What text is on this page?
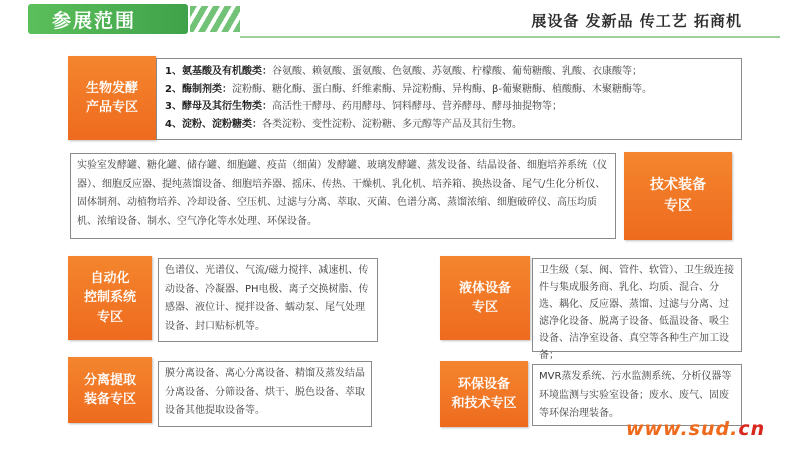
参展范围	展设备 发新品 传工艺 拓商机
生物发酵
产品专区
1、氨基酸及有机酸类：谷氨酸、赖氨酸、蛋氨酸、色氨酸、苏氨酸、柠檬酸、葡萄糖酸、乳酸、衣康酸等；
2、酶制剂类：淀粉酶、糖化酶、蛋白酶、纤维素酶、异淀粉酶、异构酶、β-葡聚糖酶、植酸酶、木聚糖酶等。
3、酵母及其衍生物类：高活性干酵母、药用酵母、饲料酵母、营养酵母、酵母抽提物等；
4、淀粉、淀粉糖类：各类淀粉、变性淀粉、淀粉糖、多元醇等产品及其衍生物。
实验室发酵罐、糖化罐、储存罐、细胞罐、疫苗（细菌）发酵罐、玻璃发酵罐、蒸发设备、结晶设备、细胞培养系统（仪器）、细胞反应器、提纯蒸馏设备、细胞培养器、摇床、传热、干燥机、乳化机、培养箱、换热设备、尾气/生化分析仪、固体制剂、动植物培养、冷却设备、空压机、过滤与分离、萃取、灭菌、色谱分离、蒸馏浓缩、细胞破碎仪、高压均质机、浓缩设备、制水、空气净化等水处理、环保设备。
技术装备
专区
自动化
控制系统
专区
色谱仪、光谱仪、气流/磁力搅拌、减速机、传动设备、冷凝器、PH电极、离子交换树脂、传感器、液位计、搅拌设备、蠕动泵、尾气处理设备、封口贴标机等。
液体设备
专区
卫生级（泵、阀、管件、软管）、卫生级连接件与集成服务商、乳化、均质、混合、分选、耦化、反应器、蒸馏、过滤与分离、过滤净化设备、脱离子设备、低温设备、吸尘设备、洁净室设备、真空等各种生产加工设备；
分离提取
装备专区
膜分离设备、离心分离设备、精馏及蒸发结晶分离设备、分筛设备、烘干、脱色设备、萃取设备其他提取设备等。
环保设备
和技术专区
MVR蒸发系统、污水监测系统、分析仪器等环境监测与实验室设备；废水、废气、固废等环保治理装备。
www.sud.cn
